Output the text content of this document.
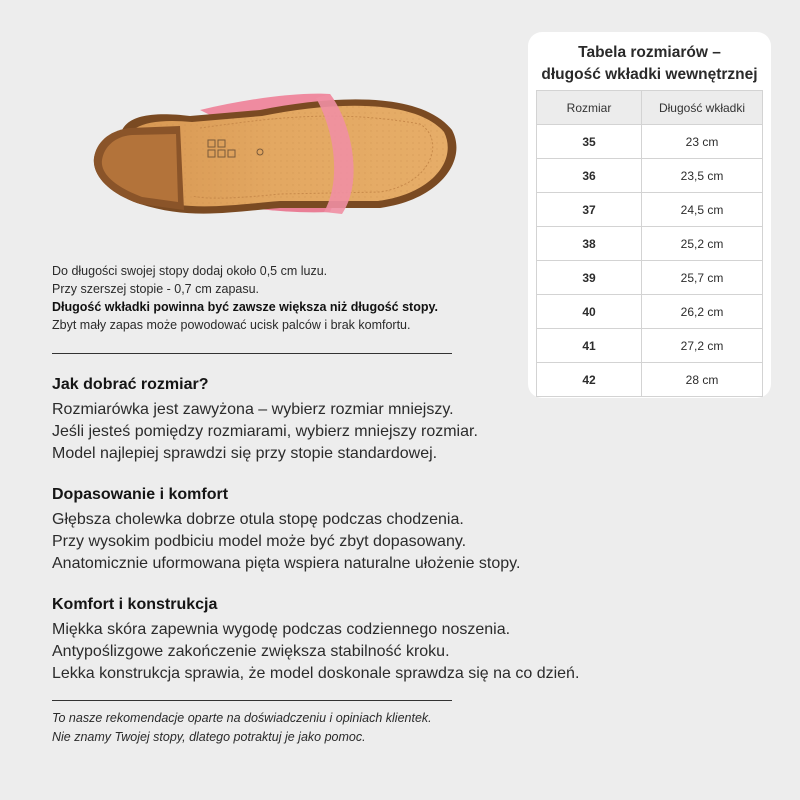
Do długości swojej stopy dodaj około 0,5 cm luzu.
Przy szerszej stopie - 0,7 cm zapasu.
Długość wkładki powinna być zawsze większa niż długość stopy.
Zbyt mały zapas może powodować ucisk palców i brak komfortu.
Jak dobrać rozmiar?
Rozmiarówka jest zawyżona – wybierz rozmiar mniejszy.
Jeśli jesteś pomiędzy rozmiarami, wybierz mniejszy rozmiar.
Model najlepiej sprawdzi się przy stopie standardowej.
Dopasowanie i komfort
Głębsza cholewka dobrze otula stopę podczas chodzenia.
Przy wysokim podbiciu model może być zbyt dopasowany.
Anatomicznie uformowana pięta wspiera naturalne ułożenie stopy.
Komfort i konstrukcja
Miękka skóra zapewnia wygodę podczas codziennego noszenia.
Antypoślizgowe zakończenie zwiększa stabilność kroku.
Lekka konstrukcja sprawia, że model doskonale sprawdza się na co dzień.
To nasze rekomendacje oparte na doświadczeniu i opiniach klientek.
Nie znamy Twojej stopy, dlatego potraktuj je jako pomoc.
Tabela rozmiarów –
długość wkładki wewnętrznej
Rozmiar	Długość wkładki
35	23 cm
36	23,5 cm
37	24,5 cm
38	25,2 cm
39	25,7 cm
40	26,2 cm
41	27,2 cm
42	28 cm
